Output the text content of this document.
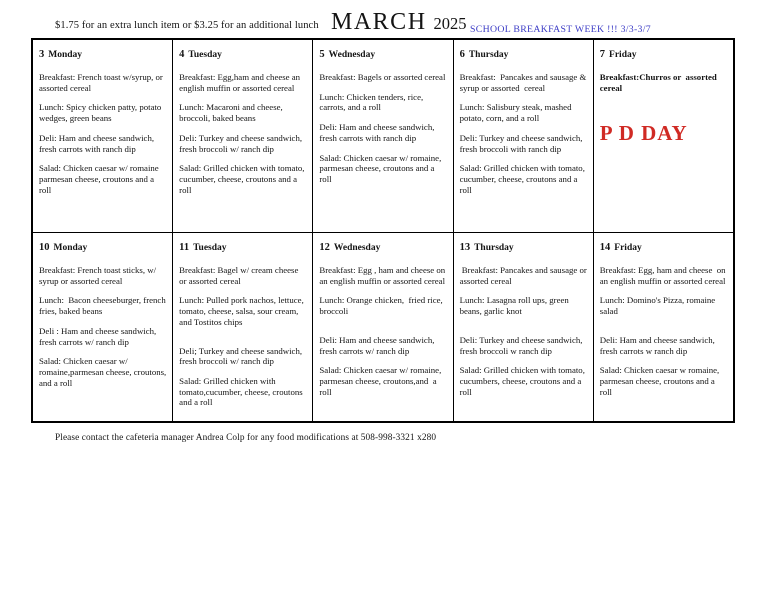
$1.75 for an extra lunch item or $3.25 for an additional lunch MARCH 2025 SCHOOL BREAKFAST WEEK !!! 3/3-3/7
3 Monday

Breakfast: French toast w/syrup, or assorted cereal

Lunch: Spicy chicken patty, potato wedges, green beans

Deli: Ham and cheese sandwich, fresh carrots with ranch dip

Salad: Chicken caesar w/ romaine parmesan cheese, croutons and a roll

4 Tuesday

Breakfast: Egg,ham and cheese an english muffin or assorted cereal

Lunch: Macaroni and cheese, broccoli, baked beans

Deli: Turkey and cheese sandwich, fresh broccoli w/ ranch dip

Salad: Grilled chicken with tomato, cucumber, cheese, croutons and a roll

5 Wednesday

Breakfast: Bagels or assorted cereal

Lunch: Chicken tenders, rice, carrots, and a roll

Deli: Ham and cheese sandwich, fresh carrots with ranch dip

Salad: Chicken caesar w/ romaine, parmesan cheese, croutons and a roll

6 Thursday

Breakfast:  Pancakes and sausage & syrup or assorted  cereal

Lunch: Salisbury steak, mashed potato, corn, and a roll

Deli: Turkey and cheese sandwich, fresh broccoli with ranch dip

Salad: Grilled chicken with tomato, cucumber, cheese, croutons and a roll

7 Friday

Breakfast:Churros or  assorted cereal

P D DAY

10 Monday

Breakfast: French toast sticks, w/ syrup or assorted cereal

Lunch:  Bacon cheeseburger, french fries, baked beans

Deli : Ham and cheese sandwich, fresh carrots w/ ranch dip

Salad: Chicken caesar w/ romaine,parmesan cheese, croutons, and a roll

11 Tuesday

Breakfast: Bagel w/ cream cheese or assorted cereal

Lunch: Pulled pork nachos, lettuce, tomato, cheese, salsa, sour cream, and Tostitos chips

Deli; Turkey and cheese sandwich, fresh broccoli w/ ranch dip

Salad: Grilled chicken with tomato,cucumber, cheese, croutons and a roll

12 Wednesday

Breakfast: Egg , ham and cheese on an english muffin or assorted cereal

Lunch: Orange chicken,  fried rice, broccoli

Deli: Ham and cheese sandwich, fresh carrots w/ ranch dip

Salad: Chicken caesar w/ romaine, parmesan cheese, croutons,and  a roll

13 Thursday

Breakfast: Pancakes and sausage or assorted cereal

Lunch: Lasagna roll ups, green beans, garlic knot

Deli: Turkey and cheese sandwich, fresh broccoli w ranch dip

Salad: Grilled chicken with tomato, cucumbers, cheese, croutons and a roll

14 Friday

Breakfast: Egg, ham and cheese  on an english muffin or assorted cereal

Lunch: Domino's Pizza, romaine salad

Deli: Ham and cheese sandwich, fresh carrots w ranch dip

Salad: Chicken caesar w romaine, parmesan cheese, croutons and a roll

Please contact the cafeteria manager Andrea Colp for any food modifications at 508-998-3321 x280
